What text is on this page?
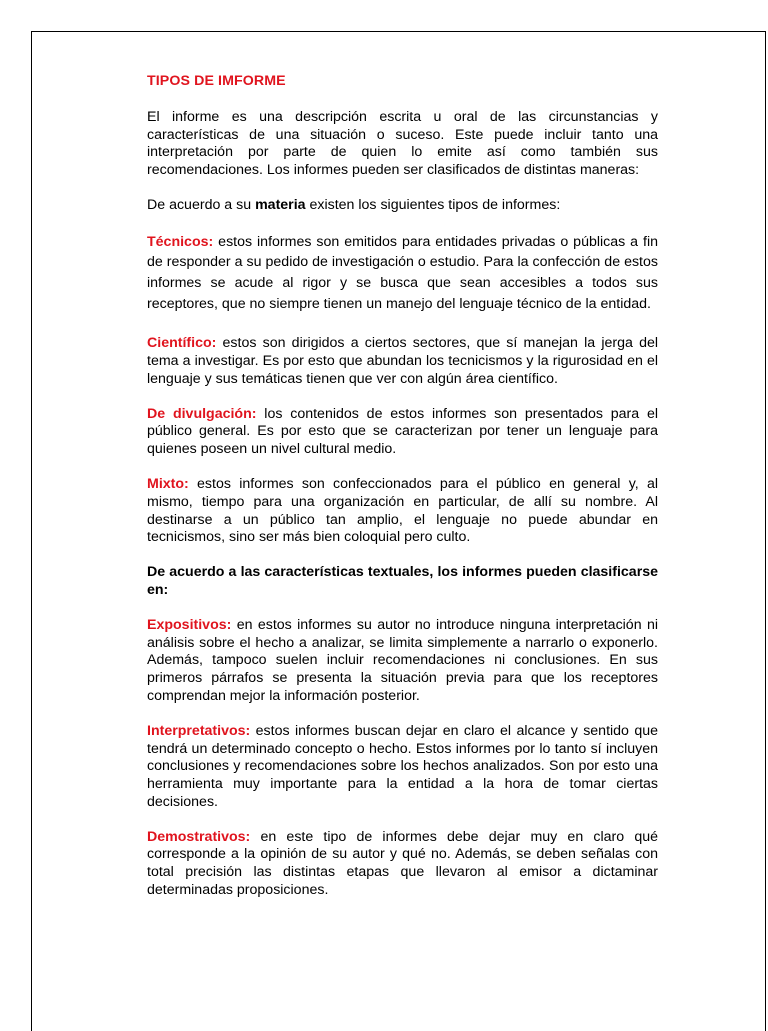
TIPOS DE IMFORME

El informe es una descripción escrita u oral de las circunstancias y características de una situación o suceso. Este puede incluir tanto una interpretación por parte de quien lo emite así como también sus recomendaciones. Los informes pueden ser clasificados de distintas maneras:

De acuerdo a su materia existen los siguientes tipos de informes:

Técnicos: estos informes son emitidos para entidades privadas o públicas a fin de responder a su pedido de investigación o estudio. Para la confección de estos informes se acude al rigor y se busca que sean accesibles a todos sus receptores, que no siempre tienen un manejo del lenguaje técnico de la entidad.

Científico: estos son dirigidos a ciertos sectores, que sí manejan la jerga del tema a investigar. Es por esto que abundan los tecnicismos y la rigurosidad en el lenguaje y sus temáticas tienen que ver con algún área científico.

De divulgación: los contenidos de estos informes son presentados para el público general. Es por esto que se caracterizan por tener un lenguaje para quienes poseen un nivel cultural medio.

Mixto: estos informes son confeccionados para el público en general y, al mismo, tiempo para una organización en particular, de allí su nombre. Al destinarse a un público tan amplio, el lenguaje no puede abundar en tecnicismos, sino ser más bien coloquial pero culto.

De acuerdo a las características textuales, los informes pueden clasificarse en:

Expositivos: en estos informes su autor no introduce ninguna interpretación ni análisis sobre el hecho a analizar, se limita simplemente a narrarlo o exponerlo. Además, tampoco suelen incluir recomendaciones ni conclusiones. En sus primeros párrafos se presenta la situación previa para que los receptores comprendan mejor la información posterior.

Interpretativos: estos informes buscan dejar en claro el alcance y sentido que tendrá un determinado concepto o hecho. Estos informes por lo tanto sí incluyen conclusiones y recomendaciones sobre los hechos analizados. Son por esto una herramienta muy importante para la entidad a la hora de tomar ciertas decisiones.

Demostrativos: en este tipo de informes debe dejar muy en claro qué corresponde a la opinión de su autor y qué no. Además, se deben señalas con total precisión las distintas etapas que llevaron al emisor a dictaminar determinadas proposiciones.
